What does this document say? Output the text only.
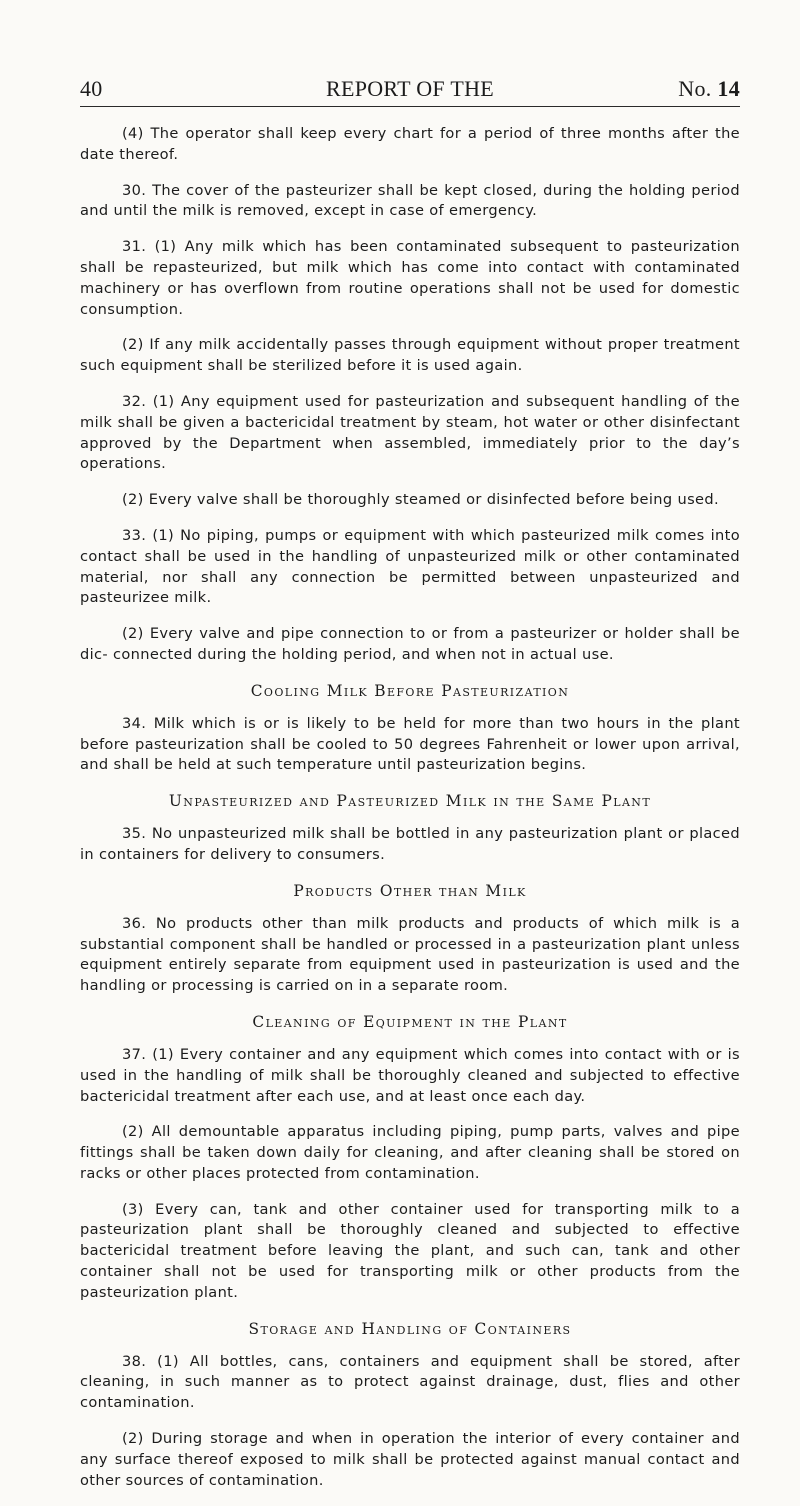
40	REPORT OF THE	No. 14

(4) The operator shall keep every chart for a period of three months after the date thereof.

30. The cover of the pasteurizer shall be kept closed, during the holding period and until the milk is removed, except in case of emergency.

31. (1) Any milk which has been contaminated subsequent to pasteurization shall be repasteurized, but milk which has come into contact with contaminated machinery or has overflown from routine operations shall not be used for domestic consumption.

(2) If any milk accidentally passes through equipment without proper treatment such equipment shall be sterilized before it is used again.

32. (1) Any equipment used for pasteurization and subsequent handling of the milk shall be given a bactericidal treatment by steam, hot water or other disinfectant approved by the Department when assembled, immediately prior to the day’s operations.

(2) Every valve shall be thoroughly steamed or disinfected before being used.

33. (1) No piping, pumps or equipment with which pasteurized milk comes into contact shall be used in the handling of unpasteurized milk or other contaminated material, nor shall any connection be permitted between unpasteurized and pasteurizee milk.

(2) Every valve and pipe connection to or from a pasteurizer or holder shall be dic- connected during the holding period, and when not in actual use.

Cooling Milk Before Pasteurization

34. Milk which is or is likely to be held for more than two hours in the plant before pasteurization shall be cooled to 50 degrees Fahrenheit or lower upon arrival, and shall be held at such temperature until pasteurization begins.

Unpasteurized and Pasteurized Milk in the Same Plant

35. No unpasteurized milk shall be bottled in any pasteurization plant or placed in containers for delivery to consumers.

Products Other than Milk

36. No products other than milk products and products of which milk is a substantial component shall be handled or processed in a pasteurization plant unless equipment entirely separate from equipment used in pasteurization is used and the handling or processing is carried on in a separate room.

Cleaning of Equipment in the Plant

37. (1) Every container and any equipment which comes into contact with or is used in the handling of milk shall be thoroughly cleaned and subjected to effective bactericidal treatment after each use, and at least once each day.

(2) All demountable apparatus including piping, pump parts, valves and pipe fittings shall be taken down daily for cleaning, and after cleaning shall be stored on racks or other places protected from contamination.

(3) Every can, tank and other container used for transporting milk to a pasteurization plant shall be thoroughly cleaned and subjected to effective bactericidal treatment before leaving the plant, and such can, tank and other container shall not be used for transporting milk or other products from the pasteurization plant.

Storage and Handling of Containers

38. (1) All bottles, cans, containers and equipment shall be stored, after cleaning, in such manner as to protect against drainage, dust, flies and other contamination.

(2) During storage and when in operation the interior of every container and any surface thereof exposed to milk shall be protected against manual contact and other sources of contamination.
